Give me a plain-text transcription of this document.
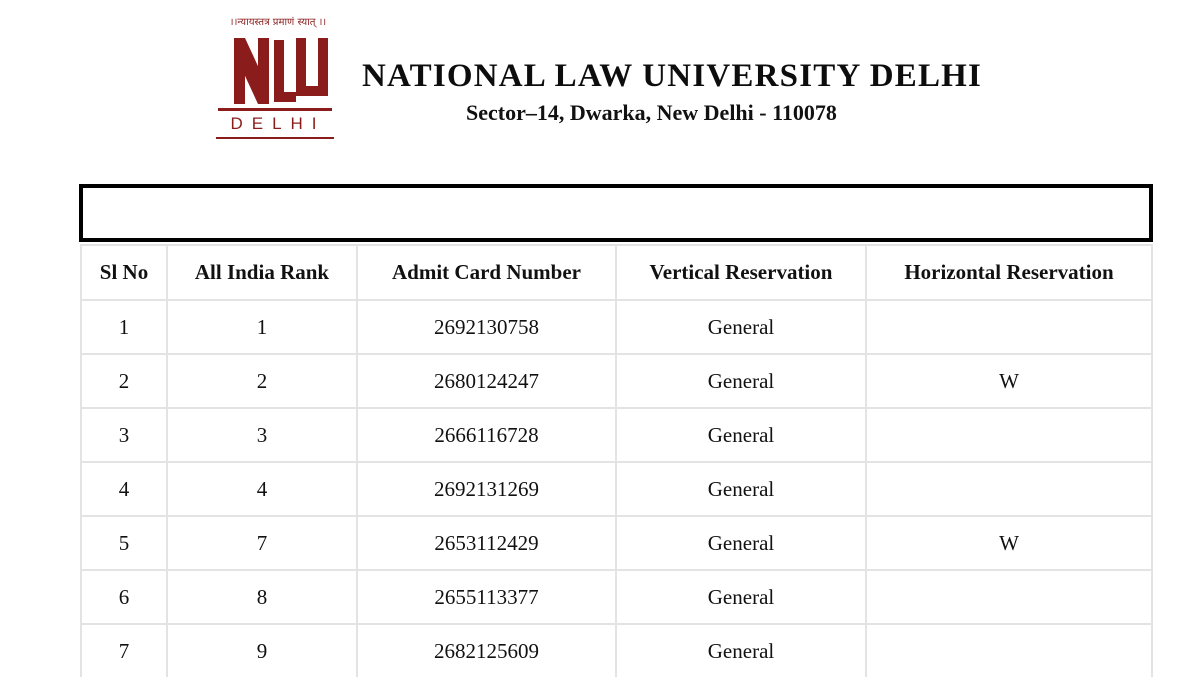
।।न्यायस्तत्र प्रमाणं स्यात् ।।
DELHI
NATIONAL LAW UNIVERSITY DELHI
Sector–14, Dwarka, New Delhi - 110078
Sl No	All India Rank	Admit Card Number	Vertical Reservation	Horizontal Reservation
1	1	2692130758	General	
2	2	2680124247	General	W
3	3	2666116728	General	
4	4	2692131269	General	
5	7	2653112429	General	W
6	8	2655113377	General	
7	9	2682125609	General	
